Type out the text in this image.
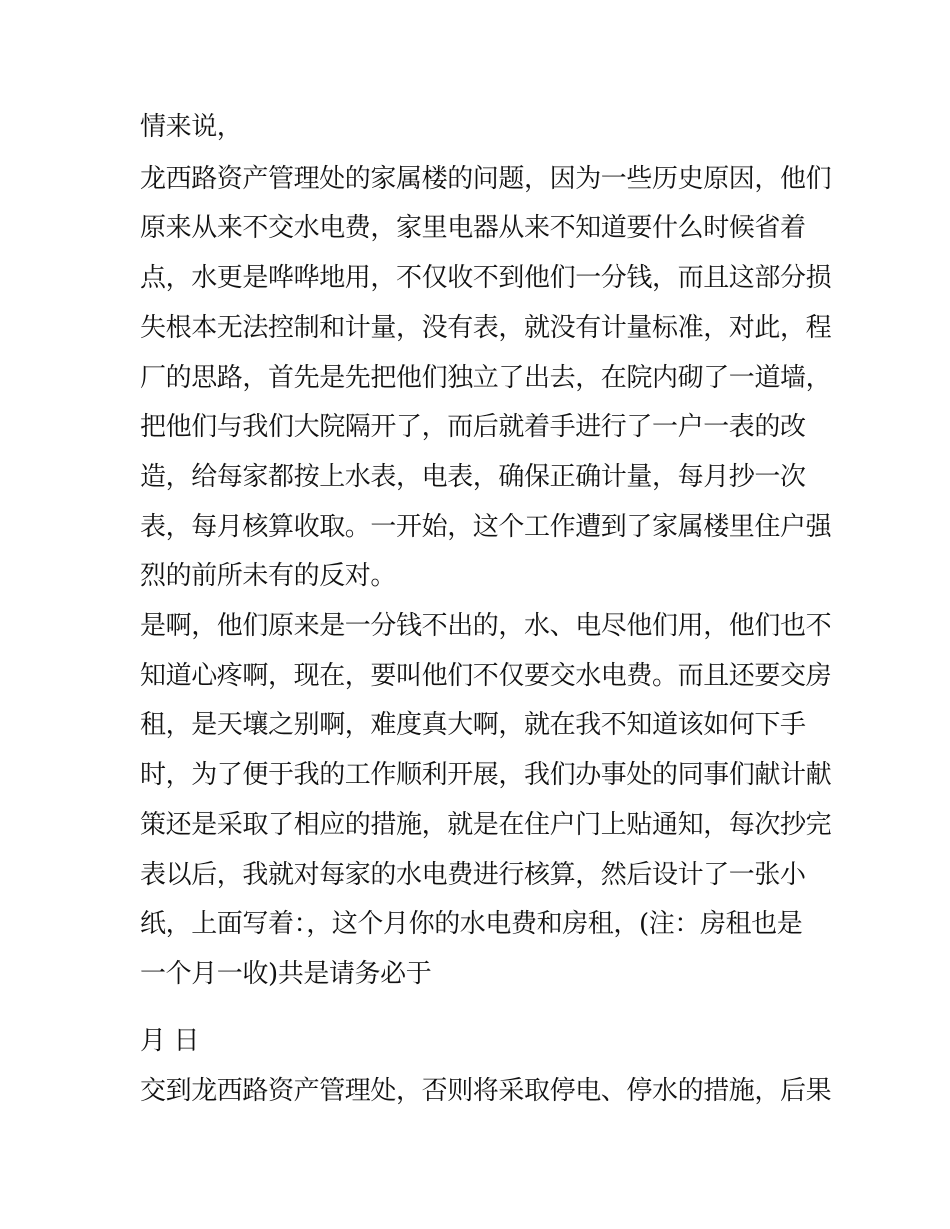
情来说，
龙西路资产管理处的家属楼的问题，因为一些历史原因，他们
原来从来不交水电费，家里电器从来不知道要什么时候省着
点，水更是哗哗地用，不仅收不到他们一分钱，而且这部分损
失根本无法控制和计量，没有表，就没有计量标准，对此，程
厂的思路，首先是先把他们独立了出去，在院内砌了一道墙，
把他们与我们大院隔开了，而后就着手进行了一户一表的改
造，给每家都按上水表，电表，确保正确计量，每月抄一次
表，每月核算收取。一开始，这个工作遭到了家属楼里住户强
烈的前所未有的反对。
是啊，他们原来是一分钱不出的，水、电尽他们用，他们也不
知道心疼啊，现在，要叫他们不仅要交水电费。而且还要交房
租，是天壤之别啊，难度真大啊，就在我不知道该如何下手
时，为了便于我的工作顺利开展，我们办事处的同事们献计献
策还是采取了相应的措施，就是在住户门上贴通知，每次抄完
表以后，我就对每家的水电费进行核算，然后设计了一张小
纸，上面写着：，这个月你的水电费和房租，(注：房租也是
一个月一收)共是请务必于
月 日
交到龙西路资产管理处，否则将采取停电、停水的措施，后果
